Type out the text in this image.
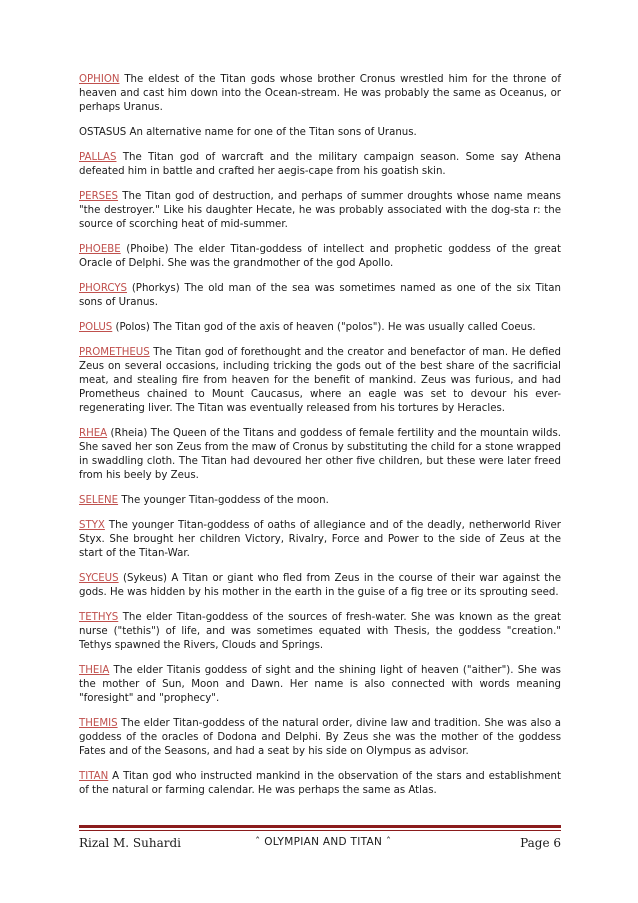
OPHION The eldest of the Titan gods whose brother Cronus wrestled him for the throne of heaven and cast him down into the Ocean-stream. He was probably the same as Oceanus, or perhaps Uranus.

OSTASUS An alternative name for one of the Titan sons of Uranus.

PALLAS The Titan god of warcraft and the military campaign season. Some say Athena defeated him in battle and crafted her aegis-cape from his goatish skin.

PERSES The Titan god of destruction, and perhaps of summer droughts whose name means "the destroyer." Like his daughter Hecate, he was probably associated with the dog-sta r: the source of scorching heat of mid-summer.

PHOEBE (Phoibe) The elder Titan-goddess of intellect and prophetic goddess of the great Oracle of Delphi. She was the grandmother of the god Apollo.

PHORCYS (Phorkys) The old man of the sea was sometimes named as one of the six Titan sons of Uranus.

POLUS (Polos) The Titan god of the axis of heaven ("polos"). He was usually called Coeus.

PROMETHEUS The Titan god of forethought and the creator and benefactor of man. He defied Zeus on several occasions, including tricking the gods out of the best share of the sacrificial meat, and stealing fire from heaven for the benefit of mankind. Zeus was furious, and had Prometheus chained to Mount Caucasus, where an eagle was set to devour his ever-regenerating liver. The Titan was eventually released from his tortures by Heracles.

RHEA (Rheia) The Queen of the Titans and goddess of female fertility and the mountain wilds. She saved her son Zeus from the maw of Cronus by substituting the child for a stone wrapped in swaddling cloth. The Titan had devoured her other five children, but these were later freed from his beely by Zeus.

SELENE The younger Titan-goddess of the moon.

STYX The younger Titan-goddess of oaths of allegiance and of the deadly, netherworld River Styx. She brought her children Victory, Rivalry, Force and Power to the side of Zeus at the start of the Titan-War.

SYCEUS (Sykeus) A Titan or giant who fled from Zeus in the course of their war against the gods. He was hidden by his mother in the earth in the guise of a fig tree or its sprouting seed.

TETHYS The elder Titan-goddess of the sources of fresh-water. She was known as the great nurse ("tethis") of life, and was sometimes equated with Thesis, the goddess "creation." Tethys spawned the Rivers, Clouds and Springs.

THEIA The elder Titanis goddess of sight and the shining light of heaven ("aither"). She was the mother of Sun, Moon and Dawn. Her name is also connected with words meaning "foresight" and "prophecy".

THEMIS The elder Titan-goddess of the natural order, divine law and tradition. She was also a goddess of the oracles of Dodona and Delphi. By Zeus she was the mother of the goddess Fates and of the Seasons, and had a seat by his side on Olympus as advisor.

TITAN A Titan god who instructed mankind in the observation of the stars and establishment of the natural or farming calendar. He was perhaps the same as Atlas.

Rizal M. Suhardi	ˆ OLYMPIAN AND TITAN ˆ	Page 6
